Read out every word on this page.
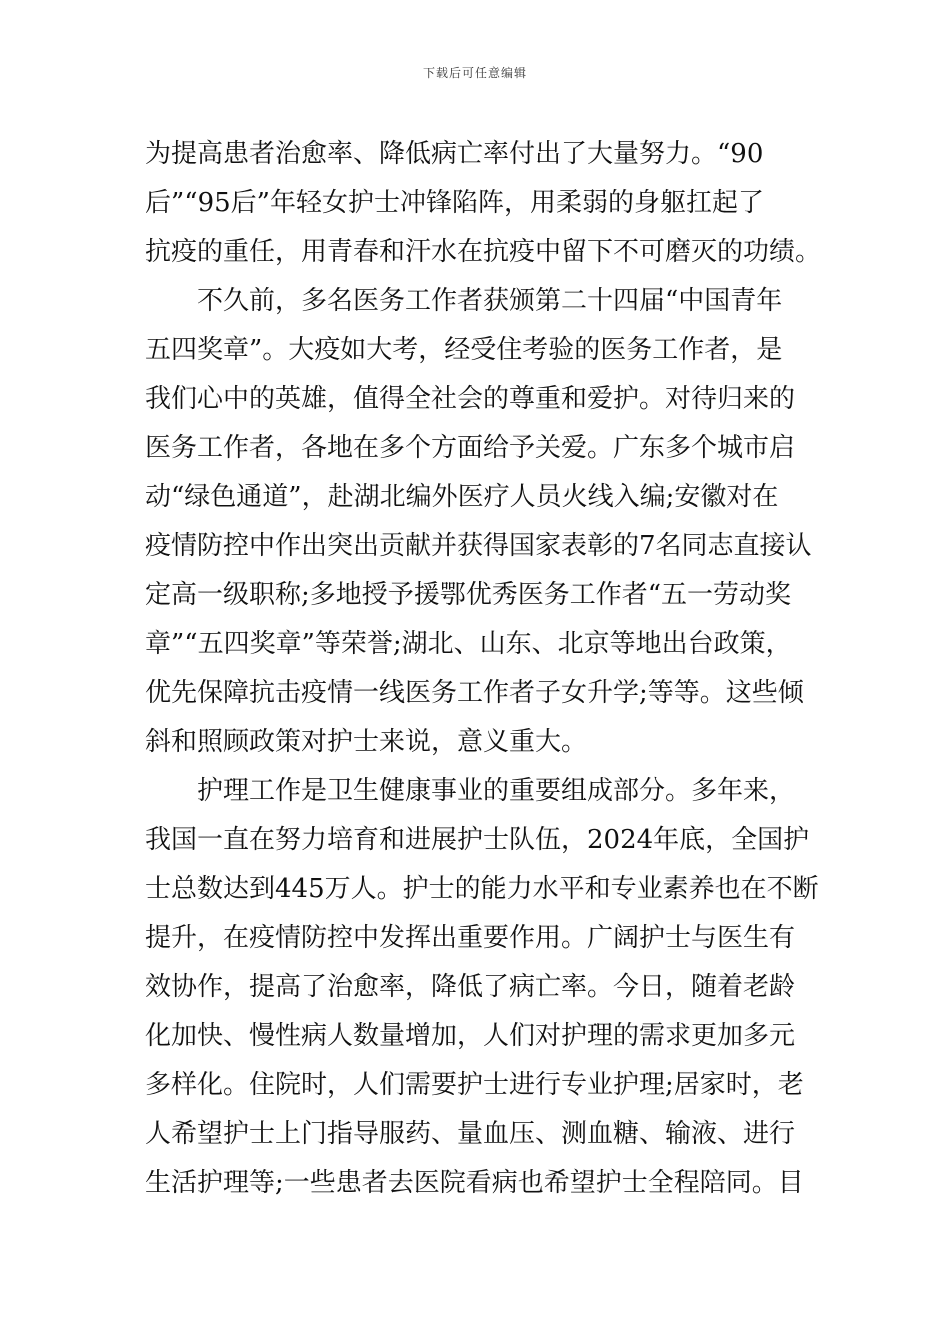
下载后可任意编辑
为提高患者治愈率、降低病亡率付出了大量努力。“90
后”“95后”年轻女护士冲锋陷阵，用柔弱的身躯扛起了
抗疫的重任，用青春和汗水在抗疫中留下不可磨灭的功绩。
不久前，多名医务工作者获颁第二十四届“中国青年
五四奖章”。大疫如大考，经受住考验的医务工作者，是
我们心中的英雄，值得全社会的尊重和爱护。对待归来的
医务工作者，各地在多个方面给予关爱。广东多个城市启
动“绿色通道”，赴湖北编外医疗人员火线入编;安徽对在
疫情防控中作出突出贡献并获得国家表彰的7名同志直接认
定高一级职称;多地授予援鄂优秀医务工作者“五一劳动奖
章”“五四奖章”等荣誉;湖北、山东、北京等地出台政策，
优先保障抗击疫情一线医务工作者子女升学;等等。这些倾
斜和照顾政策对护士来说，意义重大。
护理工作是卫生健康事业的重要组成部分。多年来，
我国一直在努力培育和进展护士队伍，2024年底，全国护
士总数达到445万人。护士的能力水平和专业素养也在不断
提升，在疫情防控中发挥出重要作用。广阔护士与医生有
效协作，提高了治愈率，降低了病亡率。今日，随着老龄
化加快、慢性病人数量增加，人们对护理的需求更加多元
多样化。住院时，人们需要护士进行专业护理;居家时，老
人希望护士上门指导服药、量血压、测血糖、输液、进行
生活护理等;一些患者去医院看病也希望护士全程陪同。目
